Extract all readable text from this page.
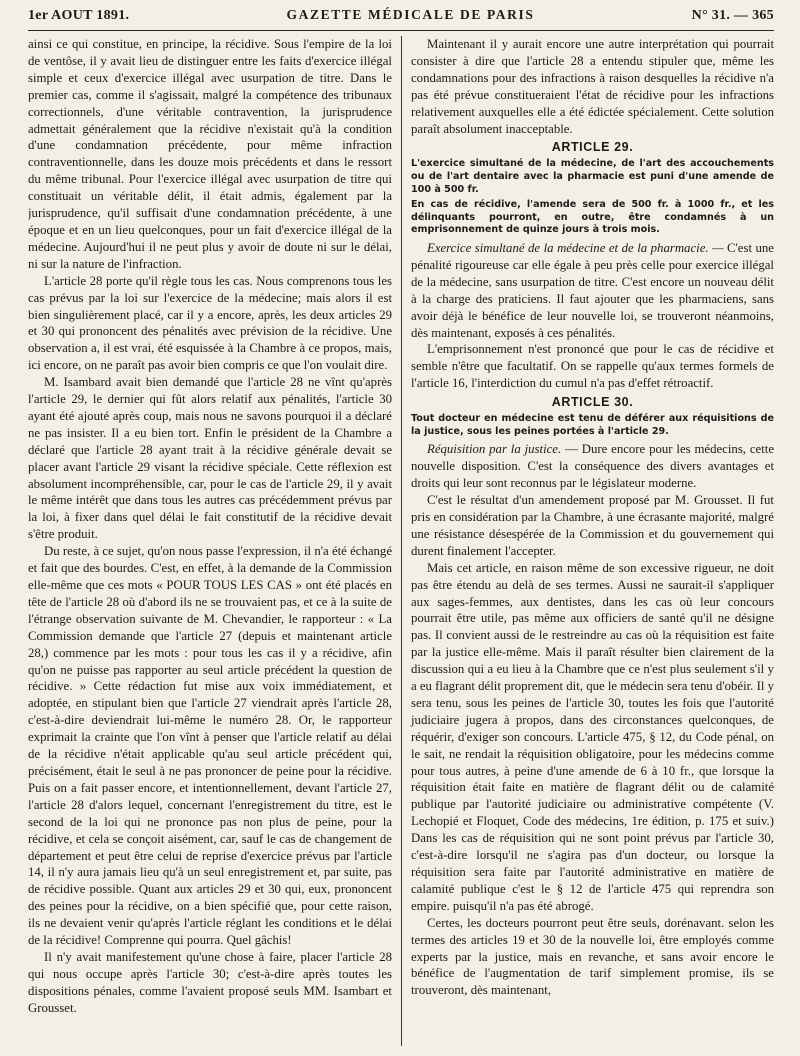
1er AOUT 1891.	GAZETTE MÉDICALE DE PARIS	N° 31. — 365

ainsi ce qui constitue, en principe, la récidive. Sous l'empire de la loi de ventôse, il y avait lieu de distinguer entre les faits d'exercice illégal simple et ceux d'exercice illégal avec usurpation de titre. Dans le premier cas, comme il s'agissait, malgré la compétence des tribunaux correctionnels, d'une véritable contravention, la jurisprudence admettait généralement que la récidive n'existait qu'à la condition d'une condamnation précédente, pour même infraction contraventionnelle, dans les douze mois précédents et dans le ressort du même tribunal. Pour l'exercice illégal avec usurpation de titre qui constituait un véritable délit, il était admis, également par la jurisprudence, qu'il suffisait d'une condamnation précédente, à une époque et en un lieu quelconques, pour un fait d'exercice illégal de la médecine. Aujourd'hui il ne peut plus y avoir de doute ni sur le délai, ni sur la nature de l'infraction.

L'article 28 porte qu'il règle tous les cas. Nous comprenons tous les cas prévus par la loi sur l'exercice de la médecine; mais alors il est bien singulièrement placé, car il y a encore, après, les deux articles 29 et 30 qui prononcent des pénalités avec prévision de la récidive. Une observation a, il est vrai, été esquissée à la Chambre à ce propos, mais, ici encore, on ne paraît pas avoir bien compris ce que l'on voulait dire.

M. Isambard avait bien demandé que l'article 28 ne vînt qu'après l'article 29, le dernier qui fût alors relatif aux pénalités, l'article 30 ayant été ajouté après coup, mais nous ne savons pourquoi il a déclaré ne pas insister. Il a eu bien tort. Enfin le président de la Chambre a déclaré que l'article 28 ayant trait à la récidive générale devait se placer avant l'article 29 visant la récidive spéciale. Cette réflexion est absolument incompréhensible, car, pour le cas de l'article 29, il y avait le même intérêt que dans tous les autres cas précédemment prévus par la loi, à fixer dans quel délai le fait constitutif de la récidive devait s'être produit.

Du reste, à ce sujet, qu'on nous passe l'expression, il n'a été échangé et fait que des bourdes. C'est, en effet, à la demande de la Commission elle-même que ces mots « POUR TOUS LES CAS » ont été placés en tête de l'article 28 où d'abord ils ne se trouvaient pas, et ce à la suite de l'étrange observation suivante de M. Chevandier, le rapporteur : « La Commission demande que l'article 27 (depuis et maintenant article 28,) commence par les mots : pour tous les cas il y a récidive, afin qu'on ne puisse pas rapporter au seul article précédent la question de récidive. » Cette rédaction fut mise aux voix immédiatement, et adoptée, en stipulant bien que l'article 27 viendrait après l'article 28, c'est-à-dire deviendrait lui-même le numéro 28. Or, le rapporteur exprimait la crainte que l'on vînt à penser que l'article relatif au délai de la récidive n'était applicable qu'au seul article précédent qui, précisément, était le seul à ne pas prononcer de peine pour la récidive. Puis on a fait passer encore, et intentionnellement, devant l'article 27, l'article 28 d'alors lequel, concernant l'enregistrement du titre, est le second de la loi qui ne prononce pas non plus de peine, pour la récidive, et cela se conçoit aisément, car, sauf le cas de changement de département et peut être celui de reprise d'exercice prévus par l'article 14, il n'y aura jamais lieu qu'à un seul enregistrement et, par suite, pas de récidive possible. Quant aux articles 29 et 30 qui, eux, prononcent des peines pour la récidive, on a bien spécifié que, pour cette raison, ils ne devaient venir qu'après l'article réglant les conditions et le délai de la récidive! Comprenne qui pourra. Quel gâchis!

Il n'y avait manifestement qu'une chose à faire, placer l'article 28 qui nous occupe après l'article 30; c'est-à-dire après toutes les dispositions pénales, comme l'avaient proposé seuls MM. Isambart et Grousset.

Maintenant il y aurait encore une autre interprétation qui pourrait consister à dire que l'article 28 a entendu stipuler que, même les condamnations pour des infractions à raison desquelles la récidive n'a pas été prévue constitueraient l'état de récidive pour les infractions relativement auxquelles elle a été édictée spécialement. Cette solution paraît absolument inacceptable.

ARTICLE 29.

L'exercice simultané de la médecine, de l'art des accouchements ou de l'art dentaire avec la pharmacie est puni d'une amende de 100 à 500 fr.

En cas de récidive, l'amende sera de 500 fr. à 1000 fr., et les délinquants pourront, en outre, être condamnés à un emprisonnement de quinze jours à trois mois.

Exercice simultané de la médecine et de la pharmacie. — C'est une pénalité rigoureuse car elle égale à peu près celle pour exercice illégal de la médecine, sans usurpation de titre. C'est encore un nouveau délit à la charge des praticiens. Il faut ajouter que les pharmaciens, sans avoir déjà le bénéfice de leur nouvelle loi, se trouveront néanmoins, dès maintenant, exposés à ces pénalités.

L'emprisonnement n'est prononcé que pour le cas de récidive et semble n'être que facultatif. On se rappelle qu'aux termes formels de l'article 16, l'interdiction du cumul n'a pas d'effet rétroactif.

ARTICLE 30.

Tout docteur en médecine est tenu de déférer aux réquisitions de la justice, sous les peines portées à l'article 29.

Réquisition par la justice. — Dure encore pour les médecins, cette nouvelle disposition. C'est la conséquence des divers avantages et droits qui leur sont reconnus par le législateur moderne.

C'est le résultat d'un amendement proposé par M. Grousset. Il fut pris en considération par la Chambre, à une écrasante majorité, malgré une résistance désespérée de la Commission et du gouvernement qui durent finalement l'accepter.

Mais cet article, en raison même de son excessive rigueur, ne doit pas être étendu au delà de ses termes. Aussi ne saurait-il s'appliquer aux sages-femmes, aux dentistes, dans les cas où leur concours pourrait être utile, pas même aux officiers de santé qu'il ne désigne pas. Il convient aussi de le restreindre au cas où la réquisition est faite par la justice elle-même. Mais il paraît résulter bien clairement de la discussion qui a eu lieu à la Chambre que ce n'est plus seulement s'il y a eu flagrant délit proprement dit, que le médecin sera tenu d'obéir. Il y sera tenu, sous les peines de l'article 30, toutes les fois que l'autorité judiciaire jugera à propos, dans des circonstances quelconques, de réquérir, d'exiger son concours. L'article 475, § 12, du Code pénal, on le sait, ne rendait la réquisition obligatoire, pour les médecins comme pour tous autres, à peine d'une amende de 6 à 10 fr., que lorsque la réquisition était faite en matière de flagrant délit ou de calamité publique par l'autorité judiciaire ou administrative compétente (V. Lechopié et Floquet, Code des médecins, 1re édition, p. 175 et suiv.) Dans les cas de réquisition qui ne sont point prévus par l'article 30, c'est-à-dire lorsqu'il ne s'agira pas d'un docteur, ou lorsque la réquisition sera faite par l'autorité administrative en matière de calamité publique c'est le § 12 de l'article 475 qui reprendra son empire. puisqu'il n'a pas été abrogé.

Certes, les docteurs pourront peut être seuls, dorénavant. selon les termes des articles 19 et 30 de la nouvelle loi, être employés comme experts par la justice, mais en revanche, et sans avoir encore le bénéfice de l'augmentation de tarif simplement promise, ils se trouveront, dès maintenant,
